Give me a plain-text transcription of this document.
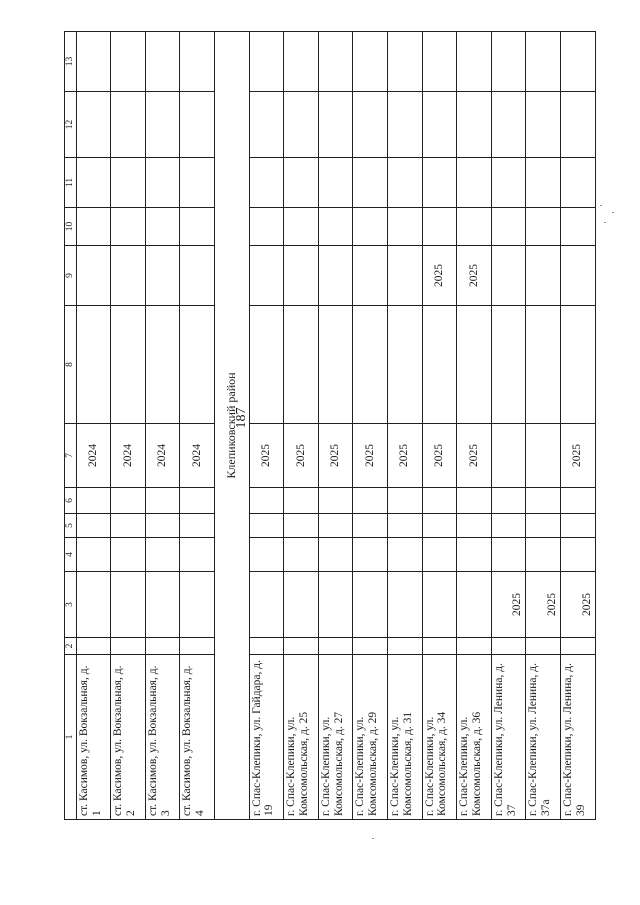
187
1	2	3	4	5	6	7	8	9	10	11	12	13
ст. Касимов, ул. Вокзальная, д. 1						2024						
ст. Касимов, ул. Вокзальная, д. 2						2024						
ст. Касимов, ул. Вокзальная, д. 3						2024						
ст. Касимов, ул. Вокзальная, д. 4						2024						
Клепиковский район												
г. Спас-Клепики, ул. Гайдара, д. 19						2025						
г. Спас-Клепики, ул. Комсомольская, д. 25						2025						
г. Спас-Клепики, ул. Комсомольская, д. 27						2025						
г. Спас-Клепики, ул. Комсомольская, д. 29						2025						
г. Спас-Клепики, ул. Комсомольская, д. 31						2025						
г. Спас-Клепики, ул. Комсомольская, д. 34						2025		2025				
г. Спас-Клепики, ул. Комсомольская, д. 36						2025		2025				
г. Спас-Клепики, ул. Ленина, д. 37		2025										
г. Спас-Клепики, ул. Ленина, д. 37а		2025										
г. Спас-Клепики, ул. Ленина, д. 39		2025				2025						
